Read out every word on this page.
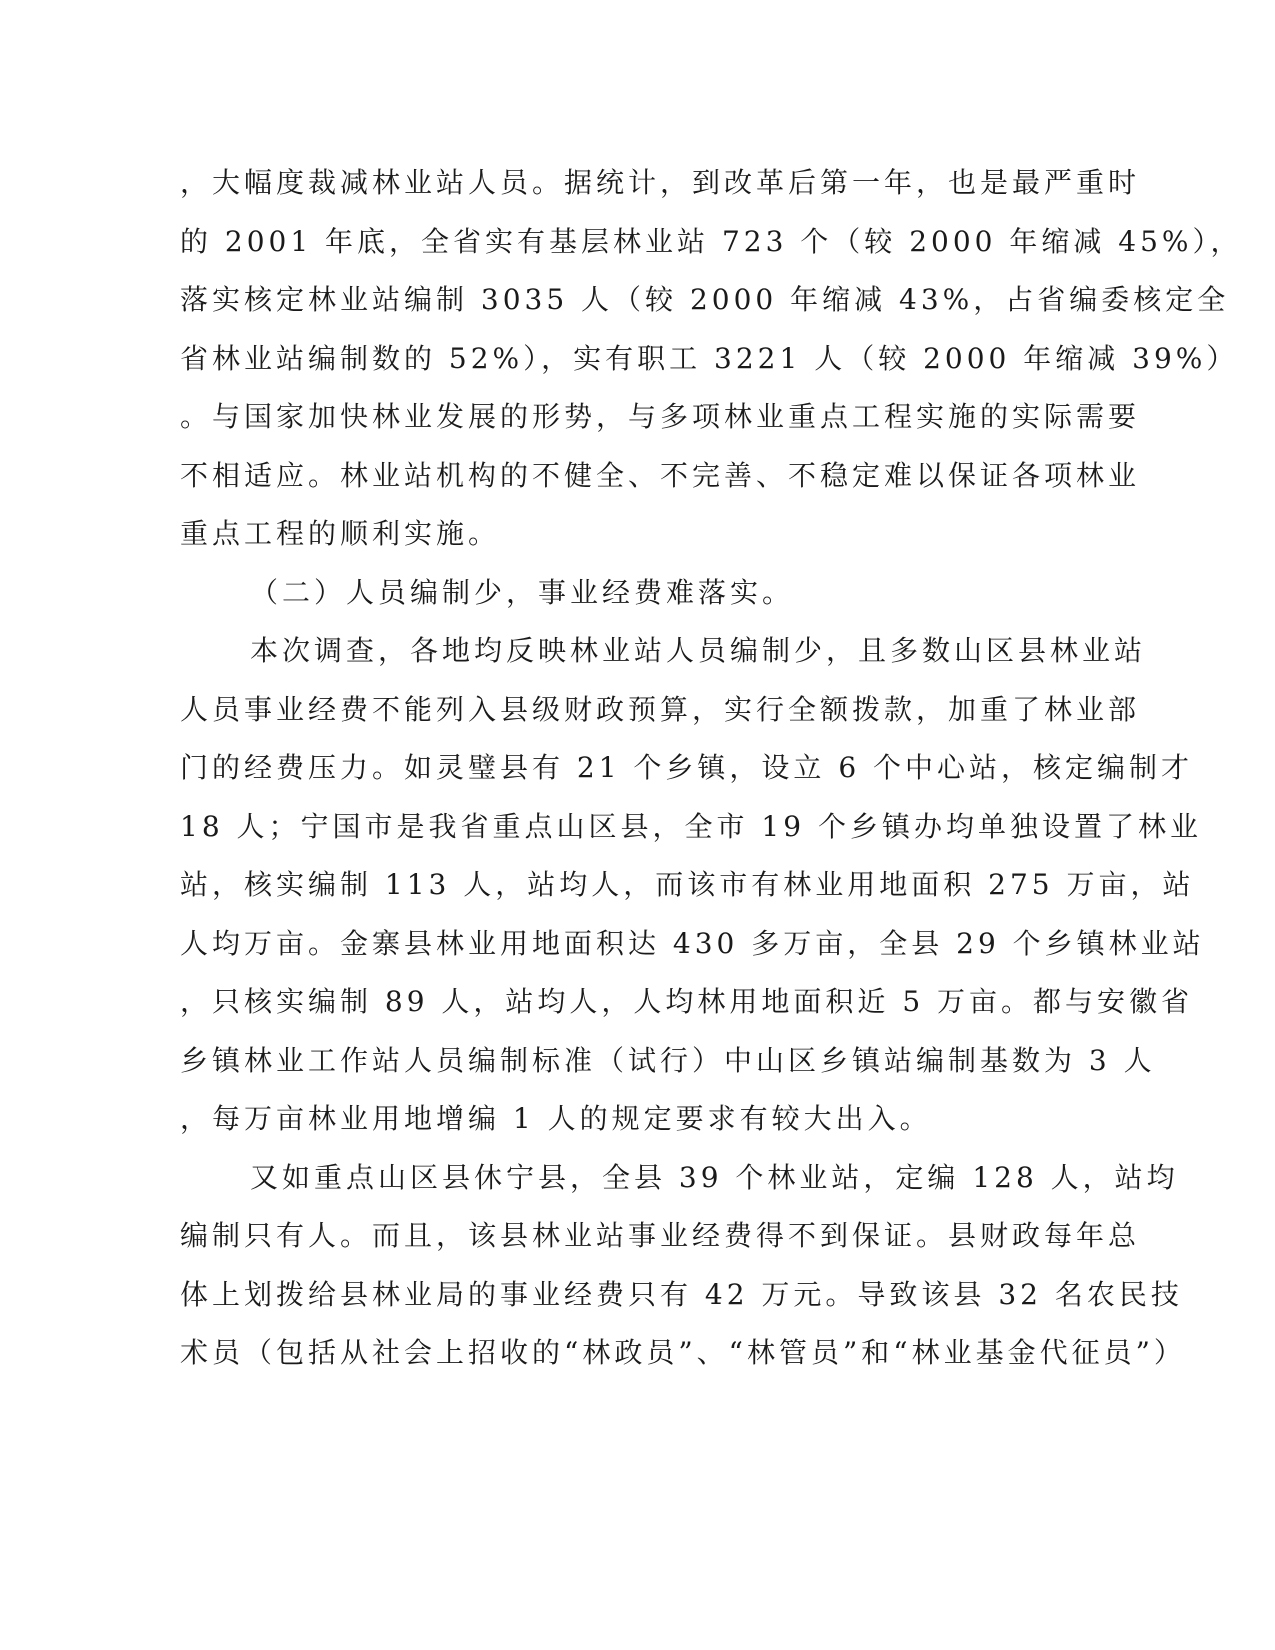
，大幅度裁减林业站人员。据统计，到改革后第一年，也是最严重时
的 2001 年底，全省实有基层林业站 723 个（较 2000 年缩减 45%），
落实核定林业站编制 3035 人（较 2000 年缩减 43%，占省编委核定全
省林业站编制数的 52%），实有职工 3221 人（较 2000 年缩减 39%）
。与国家加快林业发展的形势，与多项林业重点工程实施的实际需要
不相适应。林业站机构的不健全、不完善、不稳定难以保证各项林业
重点工程的顺利实施。
（二）人员编制少，事业经费难落实。
本次调查，各地均反映林业站人员编制少，且多数山区县林业站
人员事业经费不能列入县级财政预算，实行全额拨款，加重了林业部
门的经费压力。如灵璧县有 21 个乡镇，设立 6 个中心站，核定编制才
18 人；宁国市是我省重点山区县，全市 19 个乡镇办均单独设置了林业
站，核实编制 113 人，站均人，而该市有林业用地面积 275 万亩，站
人均万亩。金寨县林业用地面积达 430 多万亩，全县 29 个乡镇林业站
，只核实编制 89 人，站均人，人均林用地面积近 5 万亩。都与安徽省
乡镇林业工作站人员编制标准（试行）中山区乡镇站编制基数为 3 人
，每万亩林业用地增编 1 人的规定要求有较大出入。
又如重点山区县休宁县，全县 39 个林业站，定编 128 人，站均
编制只有人。而且，该县林业站事业经费得不到保证。县财政每年总
体上划拨给县林业局的事业经费只有 42 万元。导致该县 32 名农民技
术员（包括从社会上招收的“林政员”、“林管员”和“林业基金代征员”）
